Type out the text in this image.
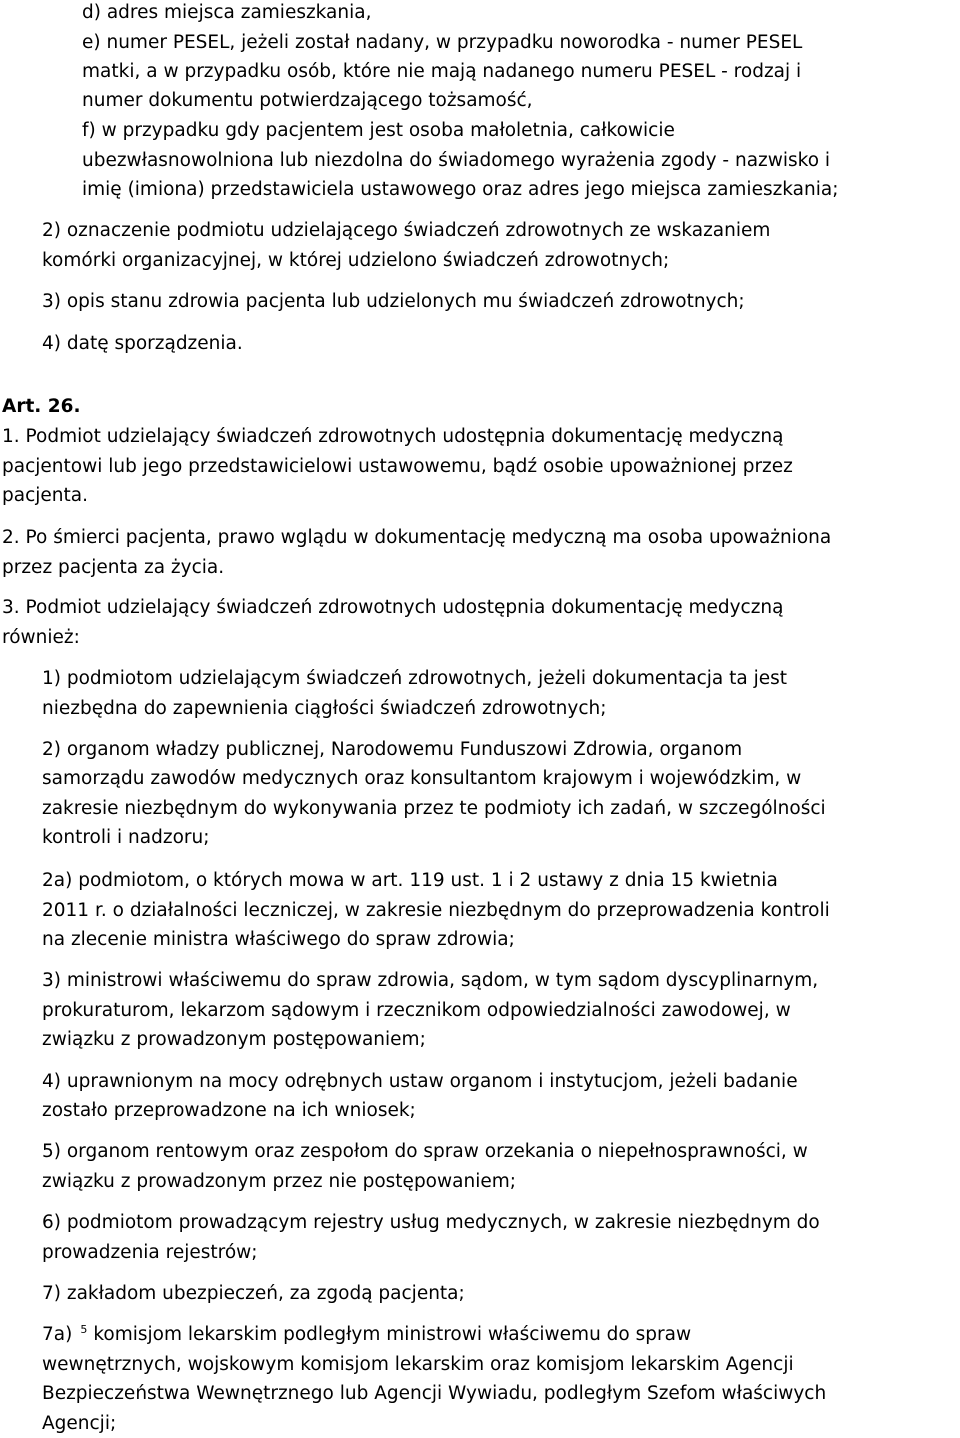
d) adres miejsca zamieszkania,
e) numer PESEL, jeżeli został nadany, w przypadku noworodka - numer PESEL
matki, a w przypadku osób, które nie mają nadanego numeru PESEL - rodzaj i
numer dokumentu potwierdzającego tożsamość,
f) w przypadku gdy pacjentem jest osoba małoletnia, całkowicie
ubezwłasnowolniona lub niezdolna do świadomego wyrażenia zgody - nazwisko i
imię (imiona) przedstawiciela ustawowego oraz adres jego miejsca zamieszkania;
2) oznaczenie podmiotu udzielającego świadczeń zdrowotnych ze wskazaniem
komórki organizacyjnej, w której udzielono świadczeń zdrowotnych;
3) opis stanu zdrowia pacjenta lub udzielonych mu świadczeń zdrowotnych;
4) datę sporządzenia.
Art. 26.
1. Podmiot udzielający świadczeń zdrowotnych udostępnia dokumentację medyczną
pacjentowi lub jego przedstawicielowi ustawowemu, bądź osobie upoważnionej przez
pacjenta.
2. Po śmierci pacjenta, prawo wglądu w dokumentację medyczną ma osoba upoważniona
przez pacjenta za życia.
3. Podmiot udzielający świadczeń zdrowotnych udostępnia dokumentację medyczną
również:
1) podmiotom udzielającym świadczeń zdrowotnych, jeżeli dokumentacja ta jest
niezbędna do zapewnienia ciągłości świadczeń zdrowotnych;
2) organom władzy publicznej, Narodowemu Funduszowi Zdrowia, organom
samorządu zawodów medycznych oraz konsultantom krajowym i wojewódzkim, w
zakresie niezbędnym do wykonywania przez te podmioty ich zadań, w szczególności
kontroli i nadzoru;
2a) podmiotom, o których mowa w art. 119 ust. 1 i 2 ustawy z dnia 15 kwietnia
2011 r. o działalności leczniczej, w zakresie niezbędnym do przeprowadzenia kontroli
na zlecenie ministra właściwego do spraw zdrowia;
3) ministrowi właściwemu do spraw zdrowia, sądom, w tym sądom dyscyplinarnym,
prokuraturom, lekarzom sądowym i rzecznikom odpowiedzialności zawodowej, w
związku z prowadzonym postępowaniem;
4) uprawnionym na mocy odrębnych ustaw organom i instytucjom, jeżeli badanie
zostało przeprowadzone na ich wniosek;
5) organom rentowym oraz zespołom do spraw orzekania o niepełnosprawności, w
związku z prowadzonym przez nie postępowaniem;
6) podmiotom prowadzącym rejestry usług medycznych, w zakresie niezbędnym do
prowadzenia rejestrów;
7) zakładom ubezpieczeń, za zgodą pacjenta;
7a) $^5$ komisjom lekarskim podległym ministrowi właściwemu do spraw
wewnętrznych, wojskowym komisjom lekarskim oraz komisjom lekarskim Agencji
Bezpieczeństwa Wewnętrznego lub Agencji Wywiadu, podległym Szefom właściwych
Agencji;
